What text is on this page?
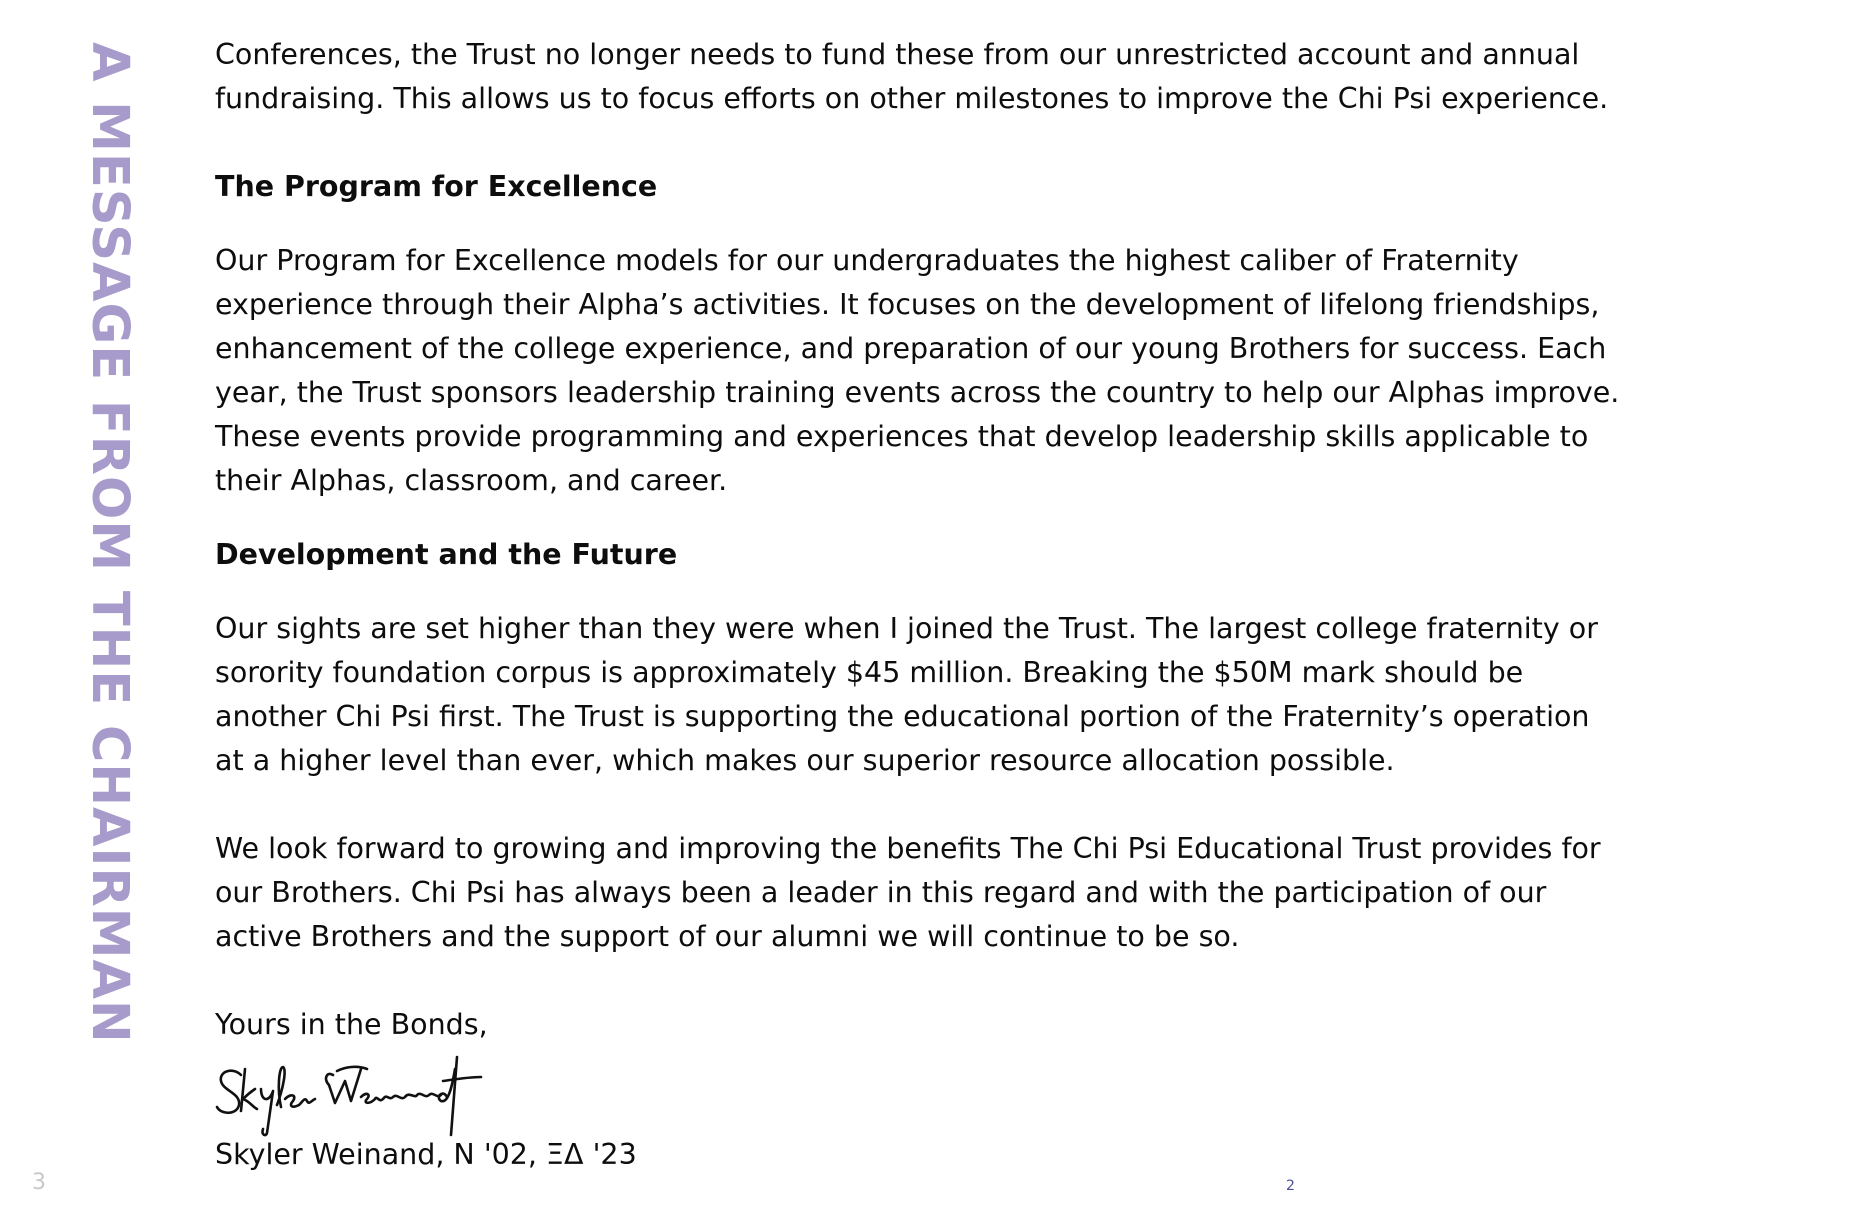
A MESSAGE FROM THE CHAIRMAN	Conferences, the Trust no longer needs to fund these from our unrestricted account and annual
fundraising. This allows us to focus efforts on other milestones to improve the Chi Psi experience.

The Program for Excellence

Our Program for Excellence models for our undergraduates the highest caliber of Fraternity
experience through their Alpha’s activities. It focuses on the development of lifelong friendships,
enhancement of the college experience, and preparation of our young Brothers for success. Each
year, the Trust sponsors leadership training events across the country to help our Alphas improve.
These events provide programming and experiences that develop leadership skills applicable to
their Alphas, classroom, and career.

Development and the Future

Our sights are set higher than they were when I joined the Trust. The largest college fraternity or
sorority foundation corpus is approximately $45 million. Breaking the $50M mark should be
another Chi Psi first. The Trust is supporting the educational portion of the Fraternity’s operation
at a higher level than ever, which makes our superior resource allocation possible.

We look forward to growing and improving the benefits The Chi Psi Educational Trust provides for
our Brothers. Chi Psi has always been a leader in this regard and with the participation of our
active Brothers and the support of our alumni we will continue to be so.

Yours in the Bonds,

Skyler Weinand, N '02, ΞΔ '23

3	2
